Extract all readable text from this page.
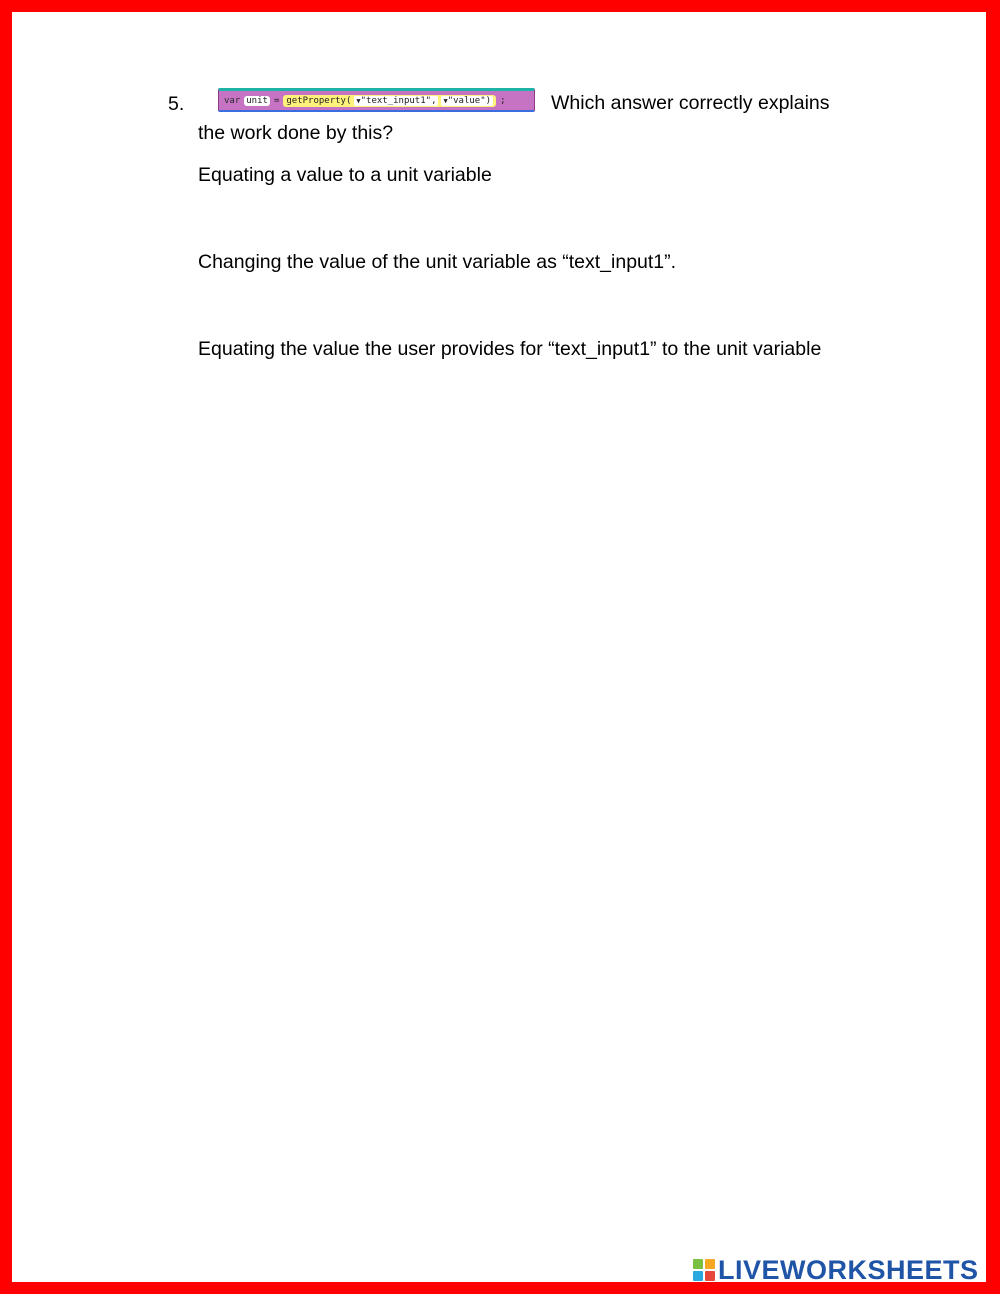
5.	var unit = getProperty( ▼"text_input1", ▼"value") ; Which answer correctly explains
the work done by this?
Equating a value to a unit variable
Changing the value of the unit variable as “text_input1”.
Equating the value the user provides for “text_input1” to the unit variable
LIVEWORKSHEETS
